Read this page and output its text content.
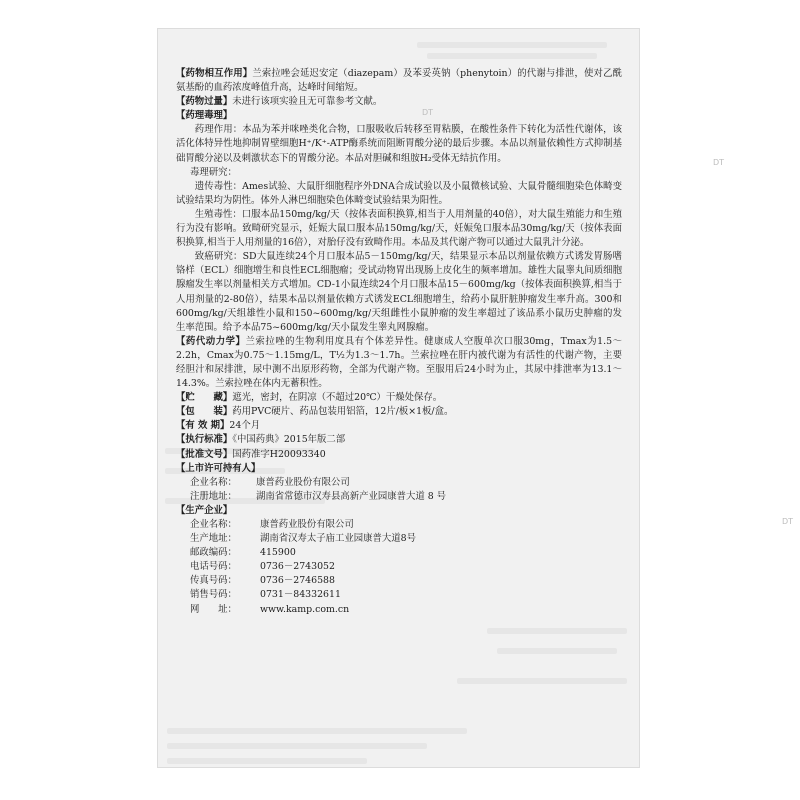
DT
DT
DT

【药物相互作用】兰索拉唑会延迟安定（diazepam）及苯妥英钠（phenytoin）的代谢与排泄，使对乙酰氨基酚的血药浓度峰值升高，达峰时间缩短。

【药物过量】未进行该项实验且无可靠参考文献。

【药理毒理】

药理作用：本品为苯并咪唑类化合物，口服吸收后转移至胃粘膜，在酸性条件下转化为活性代谢体，该活化体特异性地抑制胃壁细胞H⁺/K⁺-ATP酶系统而阻断胃酸分泌的最后步骤。本品以剂量依赖性方式抑制基础胃酸分泌以及刺激状态下的胃酸分泌。本品对胆碱和组胺H₂受体无结抗作用。

毒理研究：

遗传毒性：Ames试验、大鼠肝细胞程序外DNA合成试验以及小鼠微核试验、大鼠骨髓细胞染色体畸变试验结果均为阴性。体外人淋巴细胞染色体畸变试验结果为阳性。

生殖毒性：口服本品150mg/kg/天（按体表面积换算,相当于人用剂量的40倍），对大鼠生殖能力和生殖行为没有影响。致畸研究显示，妊娠大鼠口服本品150mg/kg/天，妊娠兔口服本品30mg/kg/天（按体表面积换算,相当于人用剂量的16倍），对胎仔没有致畸作用。本品及其代谢产物可以通过大鼠乳汁分泌。

致癌研究：SD大鼠连续24个月口服本品5－150mg/kg/天，结果显示本品以剂量依赖方式诱发胃肠嗜铬样（ECL）细胞增生和良性ECL细胞瘤；受试动物胃出现肠上皮化生的频率增加。雄性大鼠睾丸间质细胞腺瘤发生率以剂量相关方式增加。CD-1小鼠连续24个月口服本品15－600mg/kg（按体表面积换算,相当于人用剂量的2-80倍），结果本品以剂量依赖方式诱发ECL细胞增生，给药小鼠肝脏肿瘤发生率升高。300和600mg/kg/天组雄性小鼠和150~600mg/kg/天组雌性小鼠肿瘤的发生率超过了该品系小鼠历史肿瘤的发生率范围。给予本品75~600mg/kg/天小鼠发生睾丸网腺瘤。

【药代动力学】兰索拉唑的生物利用度具有个体差异性。健康成人空腹单次口服30mg，Tmax为1.5～2.2h，Cmax为0.75～1.15mg/L，T½为1.3～1.7h。兰索拉唑在肝内被代谢为有活性的代谢产物，主要经胆汁和尿排泄，尿中测不出原形药物，全部为代谢产物。至服用后24小时为止，其尿中排泄率为13.1～14.3%。兰索拉唑在体内无蓄积性。

【贮　　藏】遮光，密封，在阴凉（不超过20℃）干燥处保存。

【包　　装】药用PVC硬片、药品包装用铝箔，12片/板×1板/盒。

【有 效 期】24个月

【执行标准】《中国药典》2015年版二部

【批准文号】国药准字H20093340

【上市许可持有人】

企业名称：	康普药业股份有限公司
注册地址：	湖南省常德市汉寿县高新产业园康普大道 8 号

【生产企业】

企业名称：	康普药业股份有限公司
生产地址：	湖南省汉寿太子庙工业园康普大道8号
邮政编码：	415900
电话号码：	0736－2743052
传真号码：	0736－2746588
销售号码：	0731－84332611
网　　址：	www.kamp.com.cn
